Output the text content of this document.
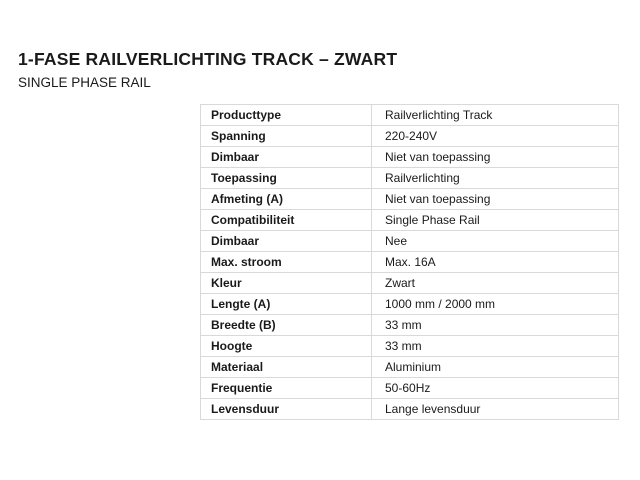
1-FASE RAILVERLICHTING TRACK – ZWART
SINGLE PHASE RAIL
Producttype	Railverlichting Track
Spanning	220-240V
Dimbaar	Niet van toepassing
Toepassing	Railverlichting
Afmeting (A)	Niet van toepassing
Compatibiliteit	Single Phase Rail
Dimbaar	Nee
Max. stroom	Max. 16A
Kleur	Zwart
Lengte (A)	1000 mm / 2000 mm
Breedte (B)	33 mm
Hoogte	33 mm
Materiaal	Aluminium
Frequentie	50-60Hz
Levensduur	Lange levensduur
